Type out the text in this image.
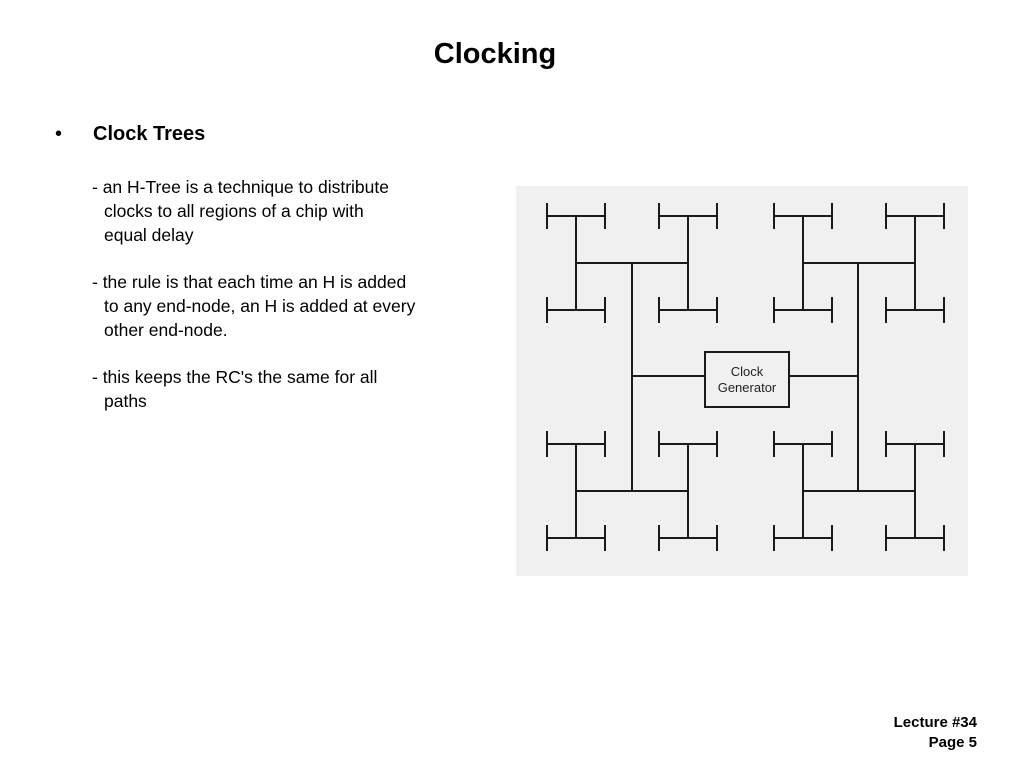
Clocking
• Clock Trees

- an H-Tree is a technique to distribute
clocks to all regions of a chip with
equal delay

- the rule is that each time an H is added
to any end-node, an H is added at every
other end-node.

- this keeps the RC's the same for all
paths

Clock
Generator
Lecture #34
Page 5
